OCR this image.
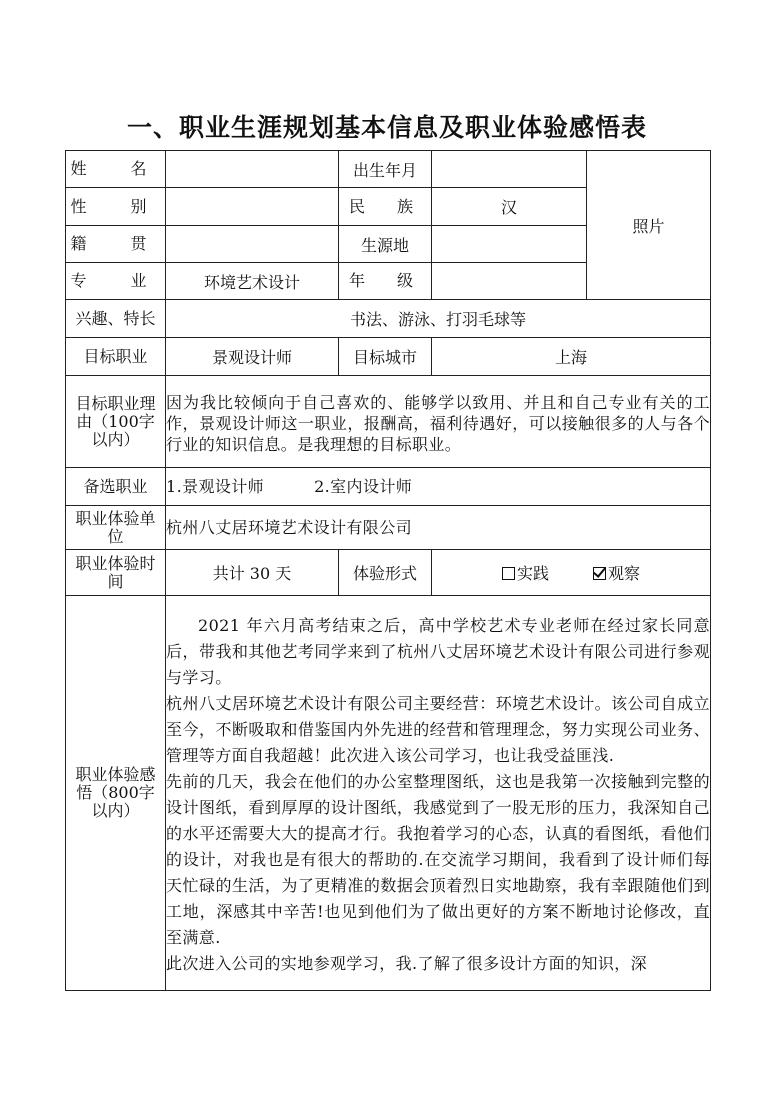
一、职业生涯规划基本信息及职业体验感悟表
姓　名		出生年月		照片
性　别		民　族	汉	
籍　贯		生源地		
专　业	环境艺术设计	年　级		
兴趣、特长	书法、游泳、打羽毛球等			
目标职业	景观设计师	目标城市	上海	
目标职业理由（100字以内）	因为我比较倾向于自己喜欢的、能够学以致用、并且和自己专业有关的工作，景观设计师这一职业，报酬高，福利待遇好，可以接触很多的人与各个行业的知识信息。是我理想的目标职业。			
备选职业	1.景观设计师 2.室内设计师			
职业体验单位	杭州八丈居环境艺术设计有限公司			
职业体验时间	共计 30 天	体验形式	实践 观察	
职业体验感悟（800字以内）	2021 年六月高考结束之后，高中学校艺术专业老师在经过家长同意后，带我和其他艺考同学来到了杭州八丈居环境艺术设计有限公司进行参观与学习。

杭州八丈居环境艺术设计有限公司主要经营：环境艺术设计。该公司自成立至今，不断吸取和借鉴国内外先进的经营和管理理念，努力实现公司业务、管理等方面自我超越！此次进入该公司学习，也让我受益匪浅.

先前的几天，我会在他们的办公室整理图纸，这也是我第一次接触到完整的设计图纸，看到厚厚的设计图纸，我感觉到了一股无形的压力，我深知自己的水平还需要大大的提高才行。我抱着学习的心态，认真的看图纸，看他们的设计，对我也是有很大的帮助的.在交流学习期间，我看到了设计师们每天忙碌的生活，为了更精准的数据会顶着烈日实地勘察，我有幸跟随他们到工地，深感其中辛苦!也见到他们为了做出更好的方案不断地讨论修改，直至满意.

此次进入公司的实地参观学习，我.了解了很多设计方面的知识，深			
